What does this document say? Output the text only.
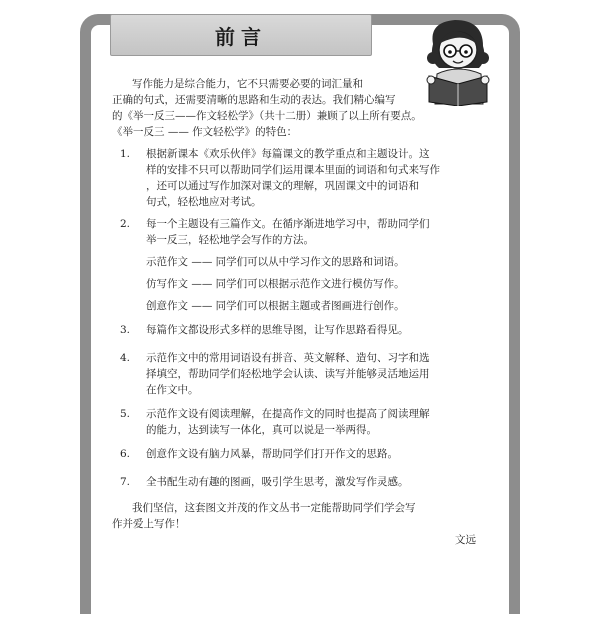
前言
写作能力是综合能力，它不只需要必要的词汇量和
正确的句式，还需要清晰的思路和生动的表达。我们精心编写
的《举一反三——作文轻松学》（共十二册）兼顾了以上所有要点。
《举一反三 —— 作文轻松学》的特色：
1. 根据新课本《欢乐伙伴》每篇课文的教学重点和主题设计。这
样的安排不只可以帮助同学们运用课本里面的词语和句式来写作
，还可以通过写作加深对课文的理解，巩固课文中的词语和
句式，轻松地应对考试。
2. 每一个主题设有三篇作文。在循序渐进地学习中，帮助同学们
举一反三，轻松地学会写作的方法。
示范作文 —— 同学们可以从中学习作文的思路和词语。
仿写作文 —— 同学们可以根据示范作文进行模仿写作。
创意作文 —— 同学们可以根据主题或者图画进行创作。
3. 每篇作文都设形式多样的思维导图，让写作思路看得见。
4. 示范作文中的常用词语设有拼音、英文解释、造句、习字和选
择填空，帮助同学们轻松地学会认读、读写并能够灵活地运用
在作文中。
5. 示范作文设有阅读理解，在提高作文的同时也提高了阅读理解
的能力，达到读写一体化，真可以说是一举两得。
6. 创意作文设有脑力风暴，帮助同学们打开作文的思路。
7. 全书配生动有趣的图画，吸引学生思考，激发写作灵感。
我们坚信，这套图文并茂的作文丛书一定能帮助同学们学会写
作并爱上写作！
文远
